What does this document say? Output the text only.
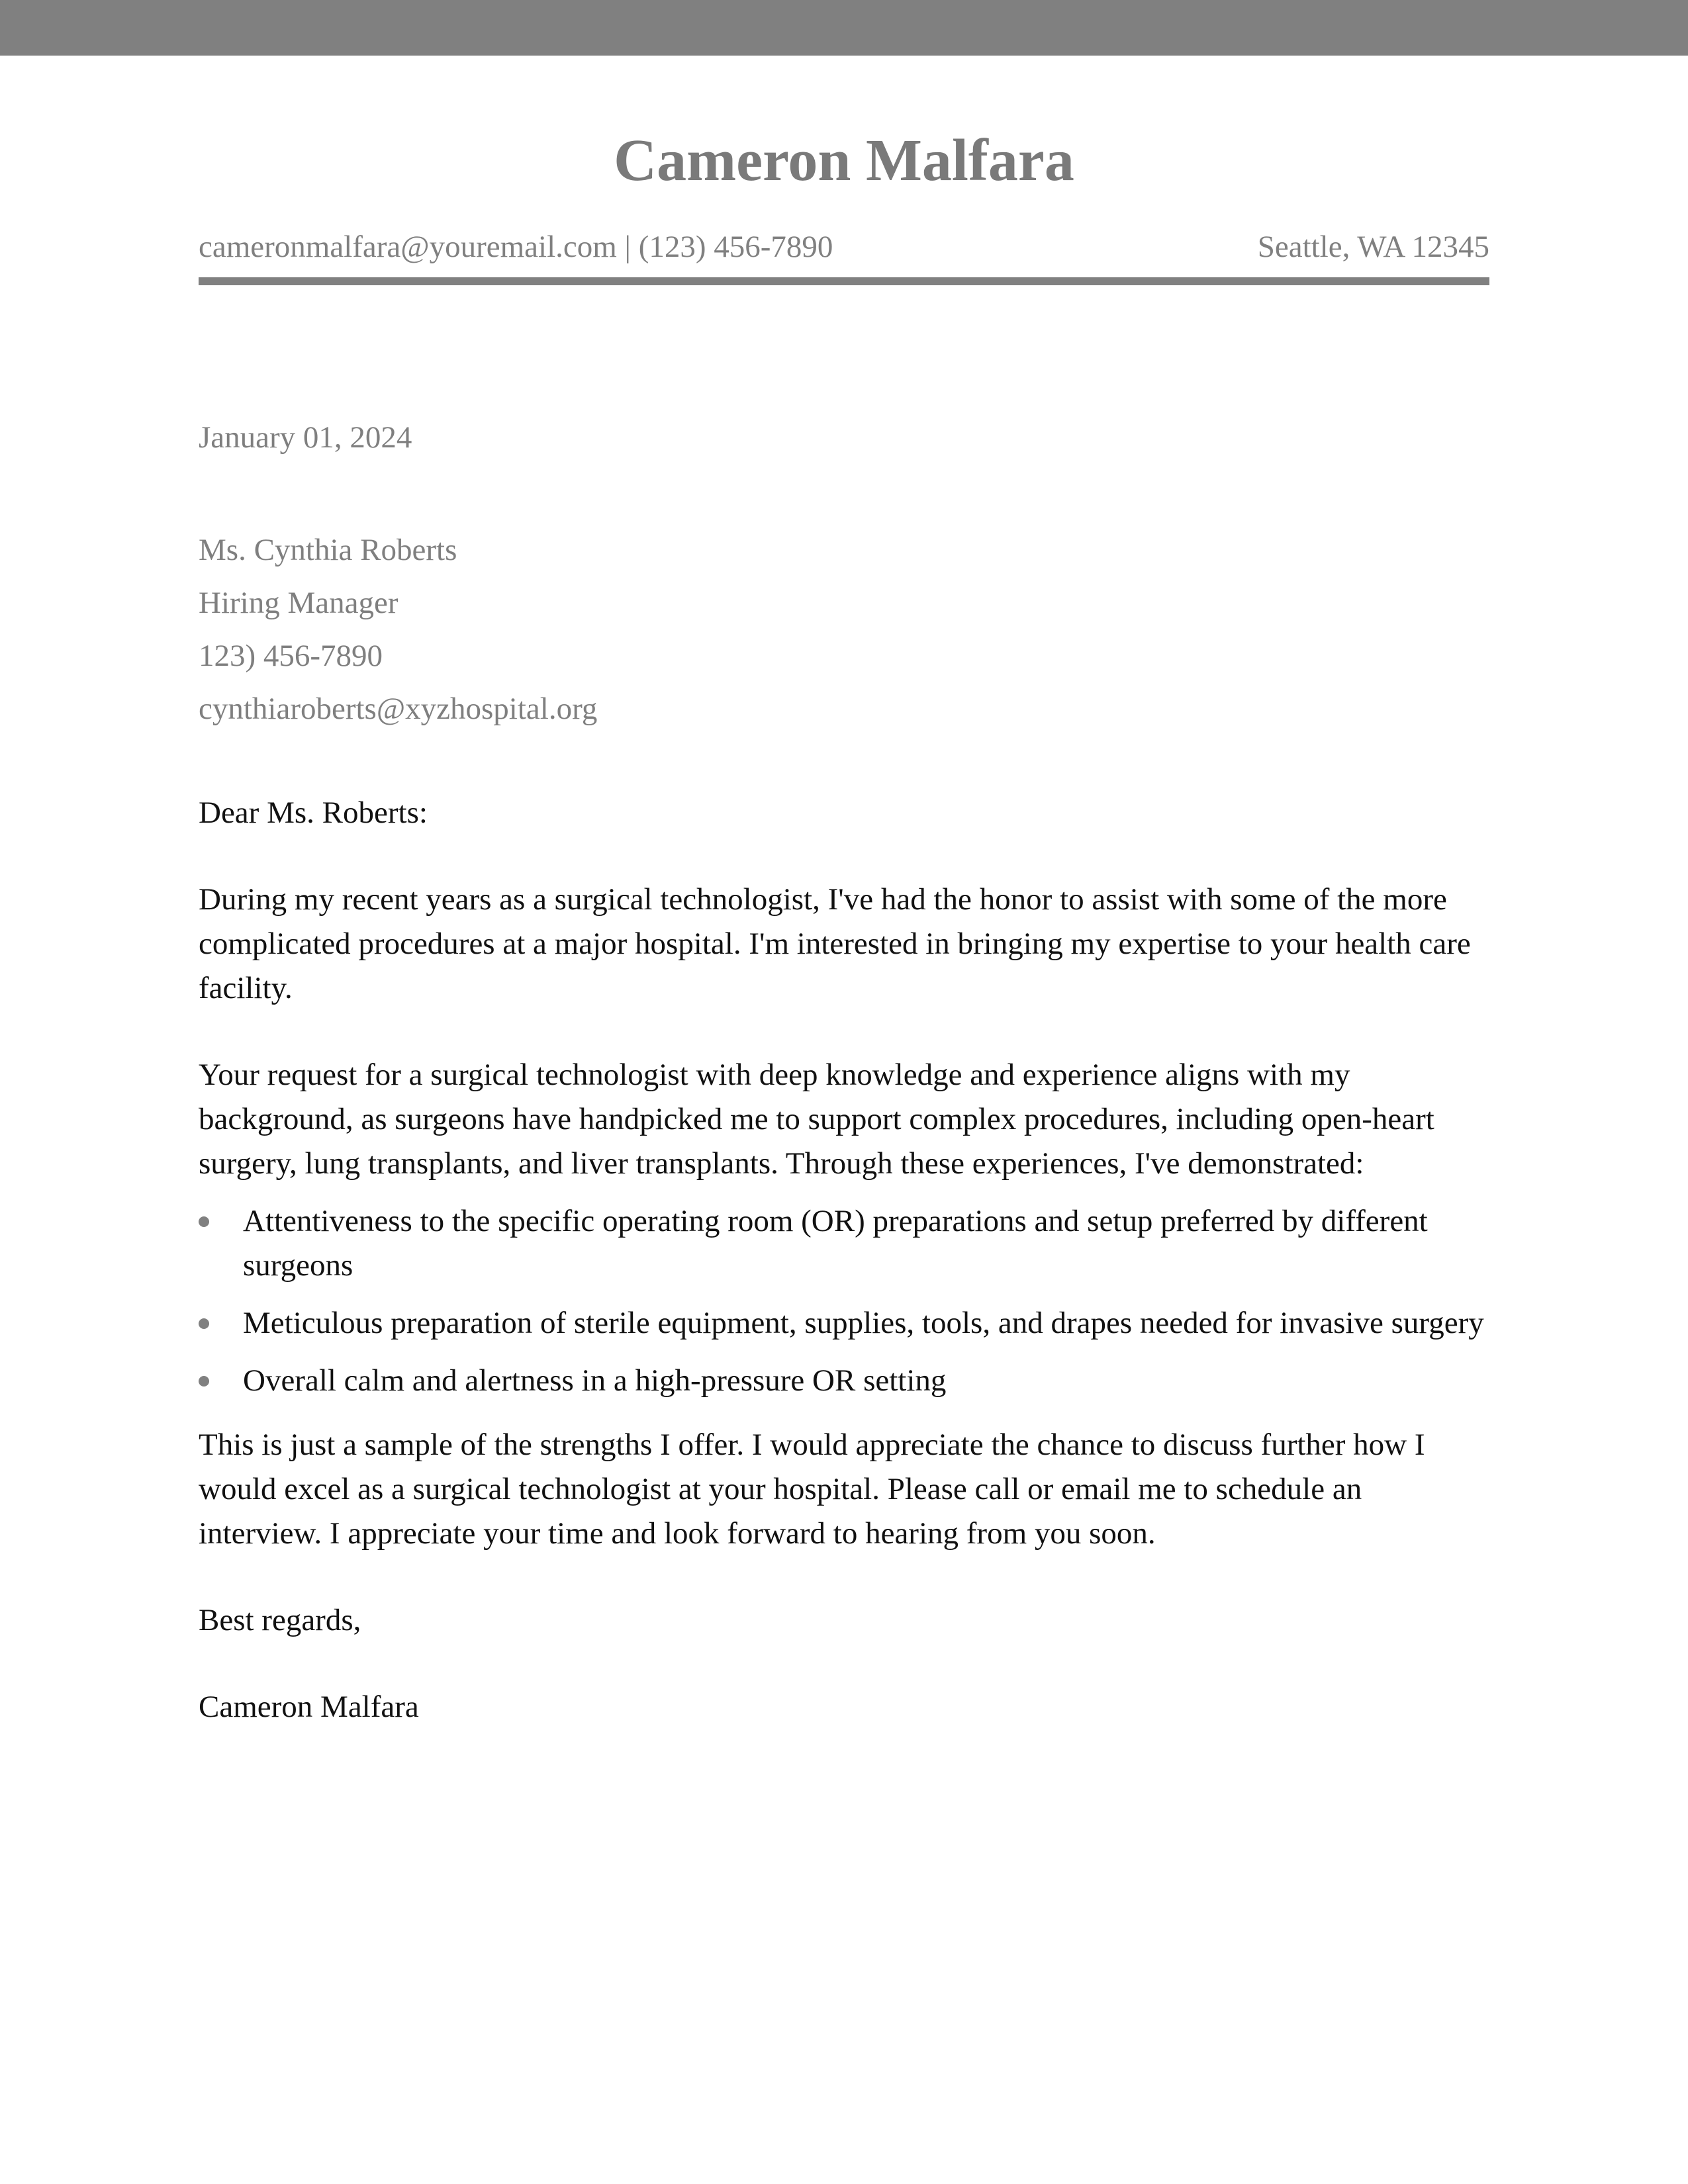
Cameron Malfara
cameronmalfara@youremail.com | (123) 456-7890	Seattle, WA 12345
January 01, 2024
Ms. Cynthia Roberts
Hiring Manager
123) 456-7890
cynthiaroberts@xyzhospital.org
Dear Ms. Roberts:
During my recent years as a surgical technologist, I've had the honor to assist with some of the more complicated procedures at a major hospital. I'm interested in bringing my expertise to your health care facility.
Your request for a surgical technologist with deep knowledge and experience aligns with my background, as surgeons have handpicked me to support complex procedures, including open-heart surgery, lung transplants, and liver transplants. Through these experiences, I've demonstrated:
Attentiveness to the specific operating room (OR) preparations and setup preferred by different surgeons
Meticulous preparation of sterile equipment, supplies, tools, and drapes needed for invasive surgery
Overall calm and alertness in a high-pressure OR setting
This is just a sample of the strengths I offer. I would appreciate the chance to discuss further how I would excel as a surgical technologist at your hospital. Please call or email me to schedule an interview. I appreciate your time and look forward to hearing from you soon.
Best regards,
Cameron Malfara
